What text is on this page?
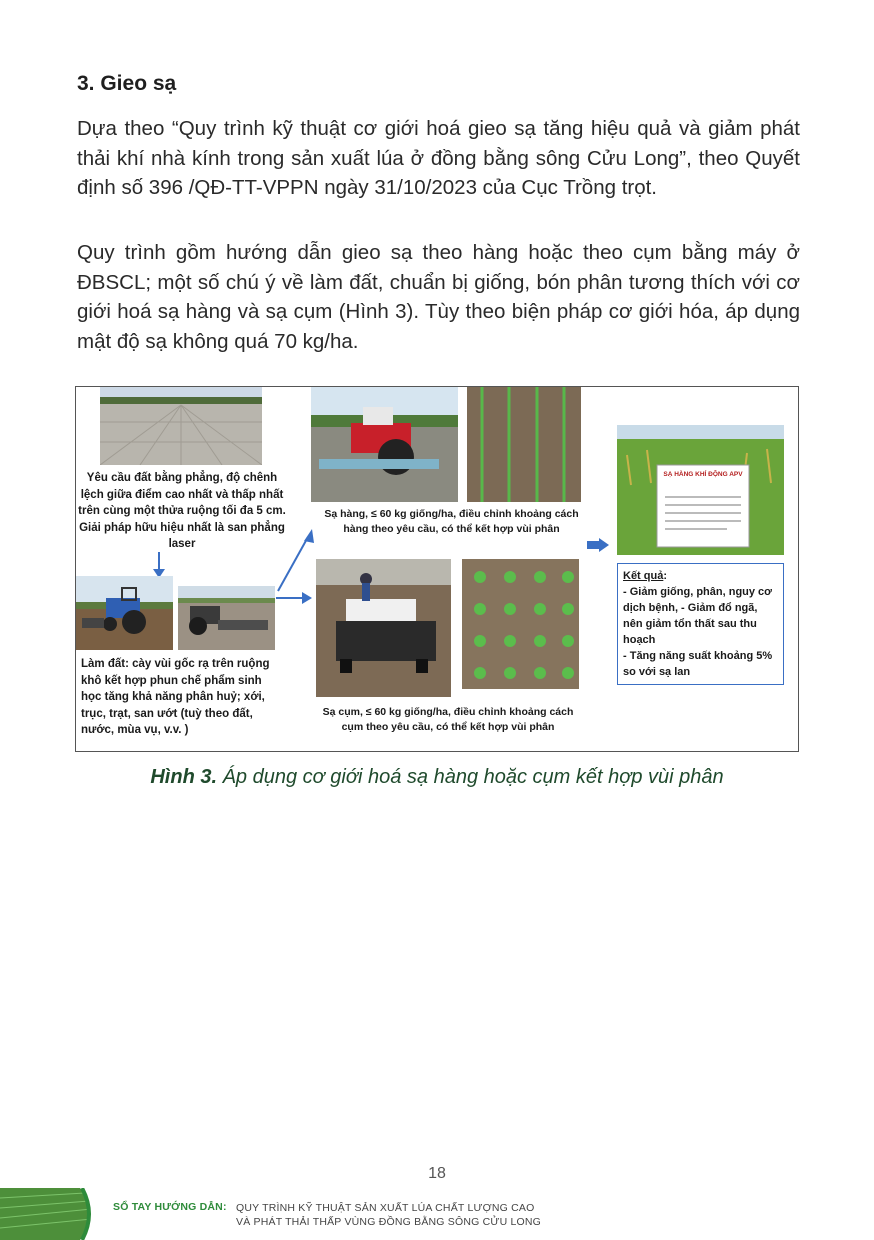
3. Gieo sạ

Dựa theo “Quy trình kỹ thuật cơ giới hoá gieo sạ tăng hiệu quả và giảm phát thải khí nhà kính trong sản xuất lúa ở đồng bằng sông Cửu Long”, theo Quyết định số 396 /QĐ-TT-VPPN ngày 31/10/2023 của Cục Trồng trọt.

Quy trình gồm hướng dẫn gieo sạ theo hàng hoặc theo cụm bằng máy ở ĐBSCL; một số chú ý về làm đất, chuẩn bị giống, bón phân tương thích với cơ giới hoá sạ hàng và sạ cụm (Hình 3). Tùy theo biện pháp cơ giới hóa, áp dụng mật độ sạ không quá 70 kg/ha.

Yêu cầu đất bằng phẳng, độ chênh lệch giữa điểm cao nhất và thấp nhất trên cùng một thửa ruộng tối đa 5 cm. Giải pháp hữu hiệu nhất là san phẳng laser
Làm đất: cày vùi gốc rạ trên ruộng khô kết hợp phun chế phẩm sinh học tăng khả năng phân huỷ; xới, trục, trạt, san ướt (tuỳ theo đất, nước, mùa vụ, v.v. )
Sạ hàng, ≤ 60 kg giống/ha, điều chỉnh khoảng cách hàng theo yêu cầu, có thể kết hợp vùi phân
SẠ HÀNG KHÍ ĐỘNG APV
Sạ cụm, ≤ 60 kg giống/ha, điều chỉnh khoảng cách cụm theo yêu cầu, có thể kết hợp vùi phân
Kết quả:
- Giảm giống, phân, nguy cơ dịch bệnh, - Giảm đổ ngã, nên giảm tổn thất sau thu hoạch
- Tăng năng suất khoảng 5% so với sạ lan
Hình 3. Áp dụng cơ giới hoá sạ hàng hoặc cụm kết hợp vùi phân
18
SỔ TAY HƯỚNG DẪN: QUY TRÌNH KỸ THUẬT SẢN XUẤT LÚA CHẤT LƯỢNG CAO
VÀ PHÁT THẢI THẤP VÙNG ĐỒNG BẰNG SÔNG CỬU LONG
